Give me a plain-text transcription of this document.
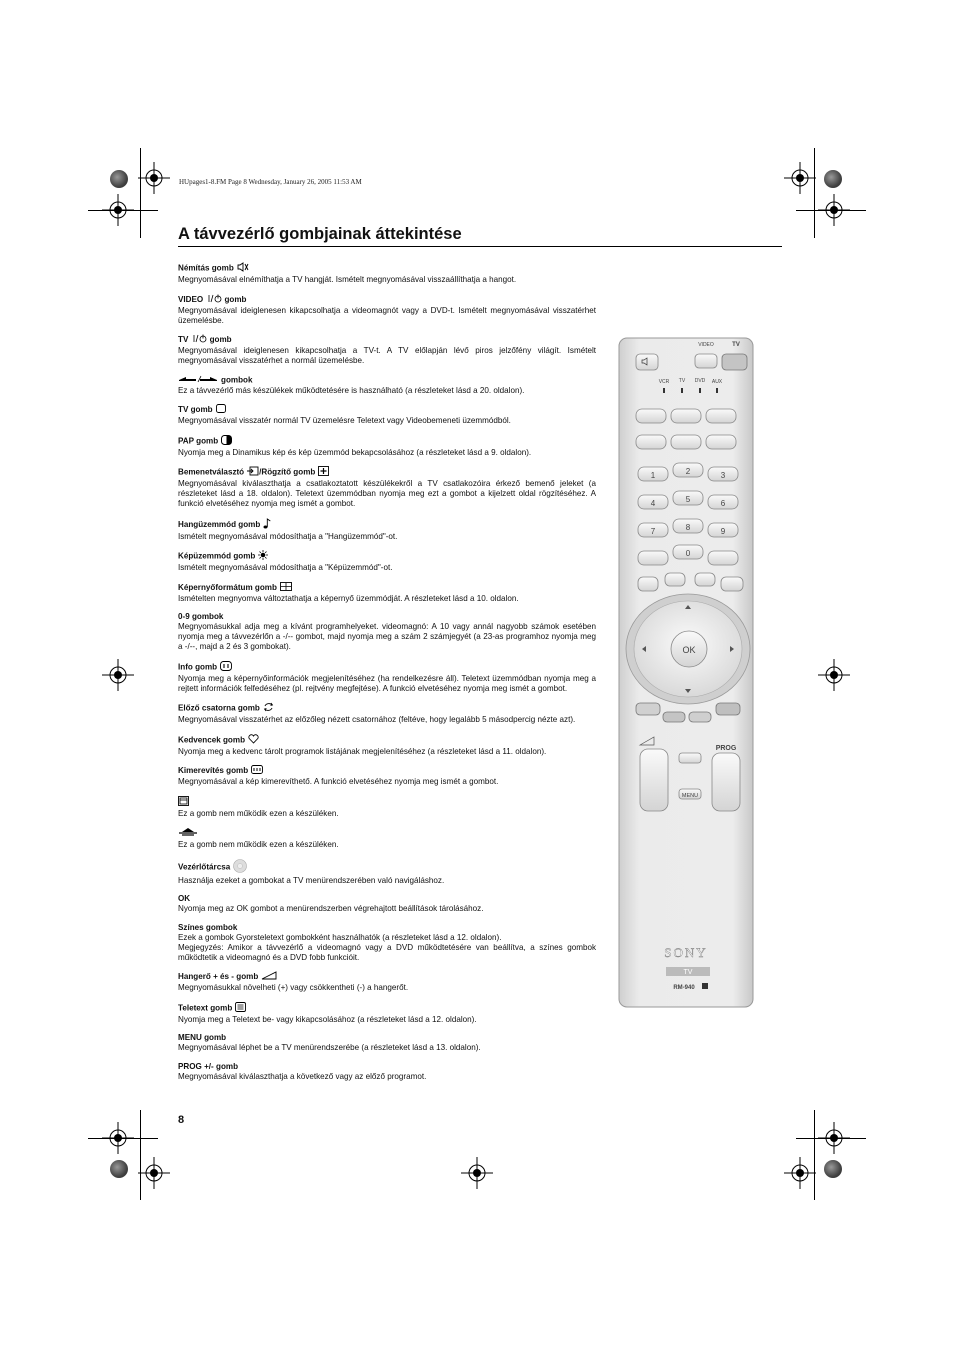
HUpages1-8.FM Page 8 Wednesday, January 26, 2005 11:53 AM
A távvezérlő gombjainak áttekintése
Némítás gomb
Megnyomásával elnémíthatja a TV hangját. Ismételt megnyomásával visszaállíthatja a hangot.
VIDEO	gomb
Megnyomásával ideiglenesen kikapcsolhatja a videomagnót vagy a DVD-t. Ismételt megnyomásával visszatérhet üzemelésbe.
TV	gomb
Megnyomásával ideiglenesen kikapcsolhatja a TV-t. A TV előlapján lévő piros jelzőfény világít. Ismételt megnyomásával visszatérhet a normál üzemelésbe.
gombok
Ez a távvezérlő más készülékek működtetésére is használható (a részleteket lásd a 20. oldalon).
TV gomb
Megnyomásával visszatér normál TV üzemelésre Teletext vagy Videobemeneti üzemmódból.
PAP gomb
Nyomja meg a Dinamikus kép és kép üzemmód bekapcsolásához (a részleteket lásd a 9. oldalon).
Bemenetválasztó /Rögzítő gomb
Megnyomásával kiválaszthatja a csatlakoztatott készülékekről a TV csatlakozóira érkező bemenő jeleket (a részleteket lásd a 18. oldalon). Teletext üzemmódban nyomja meg ezt a gombot a kijelzett oldal rögzítéséhez. A funkció elvetéséhez nyomja meg ismét a gombot.
Hangüzemmód gomb
Ismételt megnyomásával módosíthatja a "Hangüzemmód"-ot.
Képüzemmód gomb
Ismételt megnyomásával módosíthatja a "Képüzemmód"-ot.
Képernyőformátum gomb
Ismételten megnyomva változtathatja a képernyő üzemmódját. A részleteket lásd a 10. oldalon.
0-9 gombok
Megnyomásukkal adja meg a kívánt programhelyeket. videomagnó: A 10 vagy annál nagyobb számok esetében nyomja meg a távvezérlőn a -/-- gombot, majd nyomja meg a szám 2 számjegyét (a 23-as programhoz nyomja meg a -/--, majd a 2 és 3 gombokat).
Info gomb
Nyomja meg a képernyőinformációk megjelenítéséhez (ha rendelkezésre áll). Teletext üzemmódban nyomja meg a rejtett információk felfedéséhez (pl. rejtvény megfejtése). A funkció elvetéséhez nyomja meg ismét a gombot.
Előző csatorna gomb
Megnyomásával visszatérhet az előzőleg nézett csatornához (feltéve, hogy legalább 5 másodpercig nézte azt).
Kedvencek gomb
Nyomja meg a kedvenc tárolt programok listájának megjelenítéséhez (a részleteket lásd a 11. oldalon).
Kimerevítés gomb
Megnyomásával a kép kimerevíthető. A funkció elvetéséhez nyomja meg ismét a gombot.
Ez a gomb nem működik ezen a készüléken.
Ez a gomb nem működik ezen a készüléken.
Vezérlőtárcsa
Használja ezeket a gombokat a TV menürendszerében való navigáláshoz.
OK
Nyomja meg az OK gombot a menürendszerben végrehajtott beállítások tárolásához.
Színes gombok
Ezek a gombok Gyorsteletext gombokként használhatók (a részleteket lásd a 12. oldalon).
Megjegyzés: Amikor a távvezérlő a videomagnó vagy a DVD működtetésére van beállítva, a színes gombok működtetik a videomagnó és a DVD fobb funkcióit.
Hangerő + és - gomb
Megnyomásukkal növelheti (+) vagy csökkentheti (-) a hangerőt.
Teletext gomb
Nyomja meg a Teletext be- vagy kikapcsolásához (a részleteket lásd a 12. oldalon).
MENU gomb
Megnyomásával léphet be a TV menürendszerébe (a részleteket lásd a 13. oldalon).
PROG +/- gomb
Megnyomásával kiválaszthatja a következő vagy az előző programot.
8
VIDEO	TV
VCR TV DVD AUX
1	2	3
4	5	6
7	8	9
0
OK
PROG
MENU
SONY
TV
RM-940
